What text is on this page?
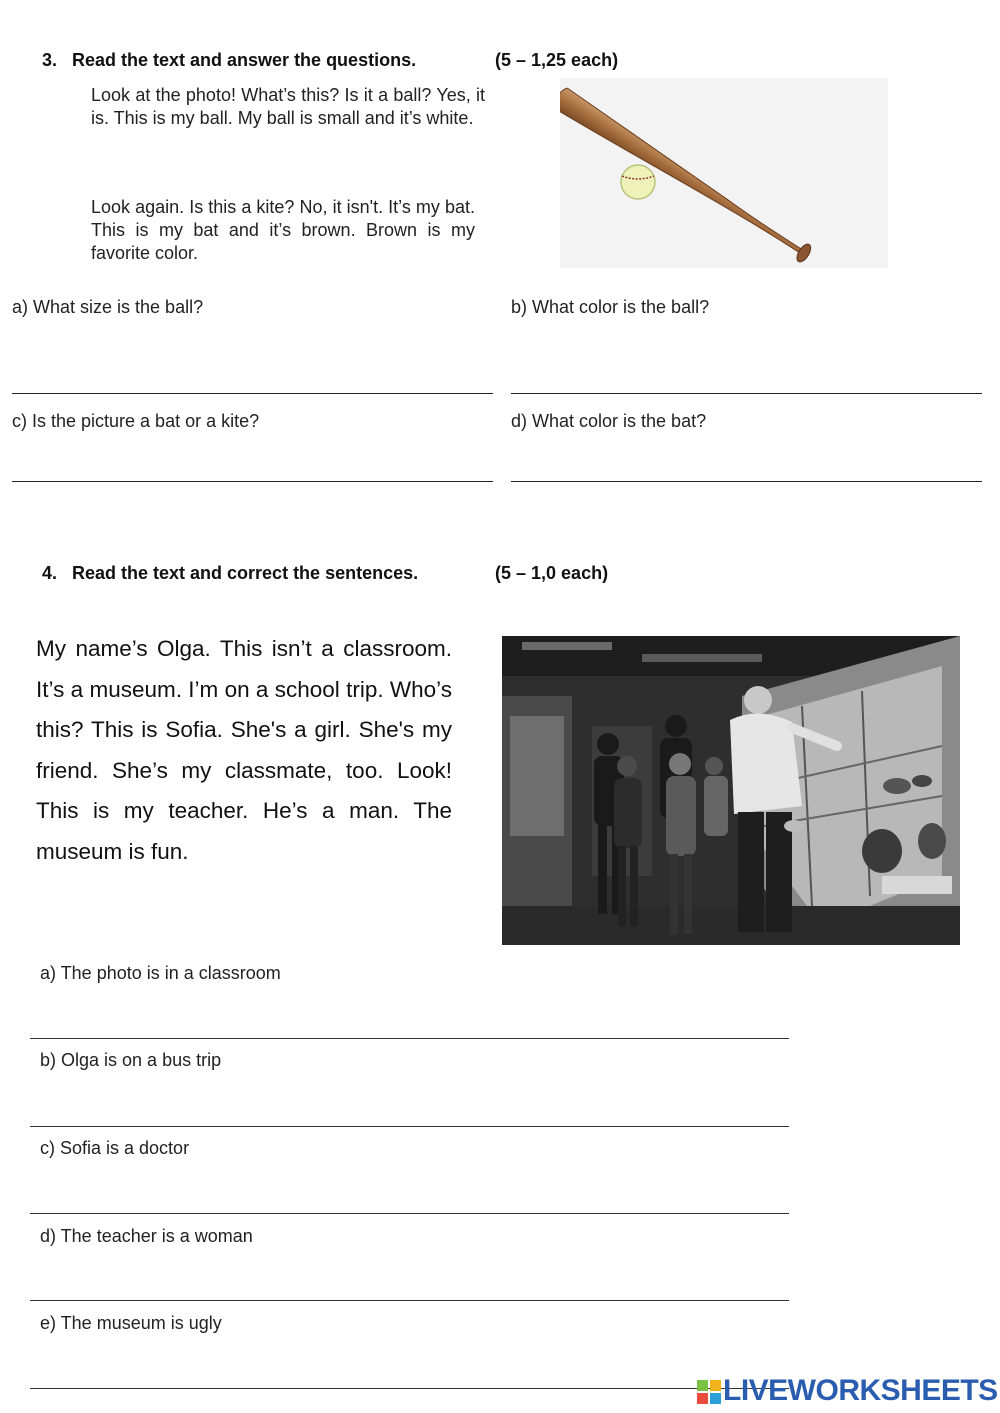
3. Read the text and answer the questions.	(5 – 1,25 each)
Look at the photo! What’s this? Is it a ball? Yes, it is. This is my ball. My ball is small and it’s white.
Look again. Is this a kite? No, it isn't. It’s my bat. This is my bat and it’s brown. Brown is my favorite color.
a) What size is the ball?	b) What color is the ball?
c) Is the picture a bat or a kite?	d) What color is the bat?
4. Read the text and correct the sentences.	(5 – 1,0 each)
My name’s Olga. This isn’t a classroom. It’s a museum. I’m on a school trip. Who’s this? This is Sofia. She's a girl. She's my friend. She’s my classmate, too. Look! This is my teacher. He’s a man. The museum is fun.
a) The photo is in a classroom
b) Olga is on a bus trip
c) Sofia is a doctor
d) The teacher is a woman
e) The museum is ugly
LIVEWORKSHEETS
